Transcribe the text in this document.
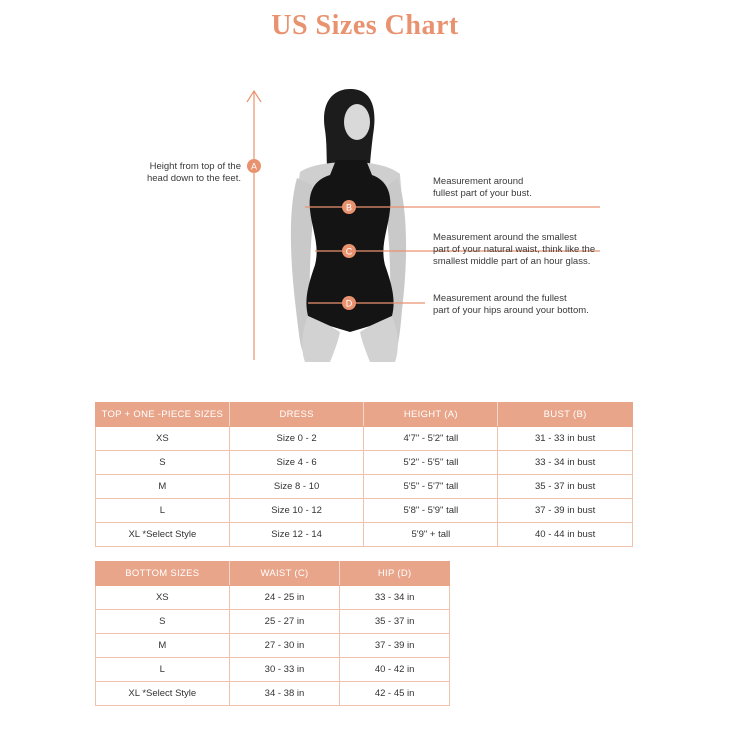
US Sizes Chart
A
B
C
D
Height from top of the
head down to the feet.	Measurement around
fullest part of your bust.
Measurement around the smallest
part of your natural waist, think like the
smallest middle part of an hour glass.
Measurement around the fullest
part of your hips around your bottom.
TOP + ONE -PIECE SIZES	DRESS	HEIGHT (A)	BUST (B)
XS	Size 0 - 2	4'7" - 5'2" tall	31 - 33 in bust
S	Size 4 - 6	5'2" - 5'5'' tall	33 - 34 in bust
M	Size 8 - 10	5'5" - 5'7" tall	35 - 37 in bust
L	Size 10 - 12	5'8" - 5'9" tall	37 - 39 in bust
XL *Select Style	Size 12 - 14	5'9" + tall	40 - 44 in bust
BOTTOM SIZES	WAIST (C)	HIP (D)
XS	24 - 25 in	33 - 34 in
S	25 - 27 in	35 - 37 in
M	27 - 30 in	37 - 39 in
L	30 - 33 in	40 - 42 in
XL *Select Style	34 - 38 in	42 - 45 in
